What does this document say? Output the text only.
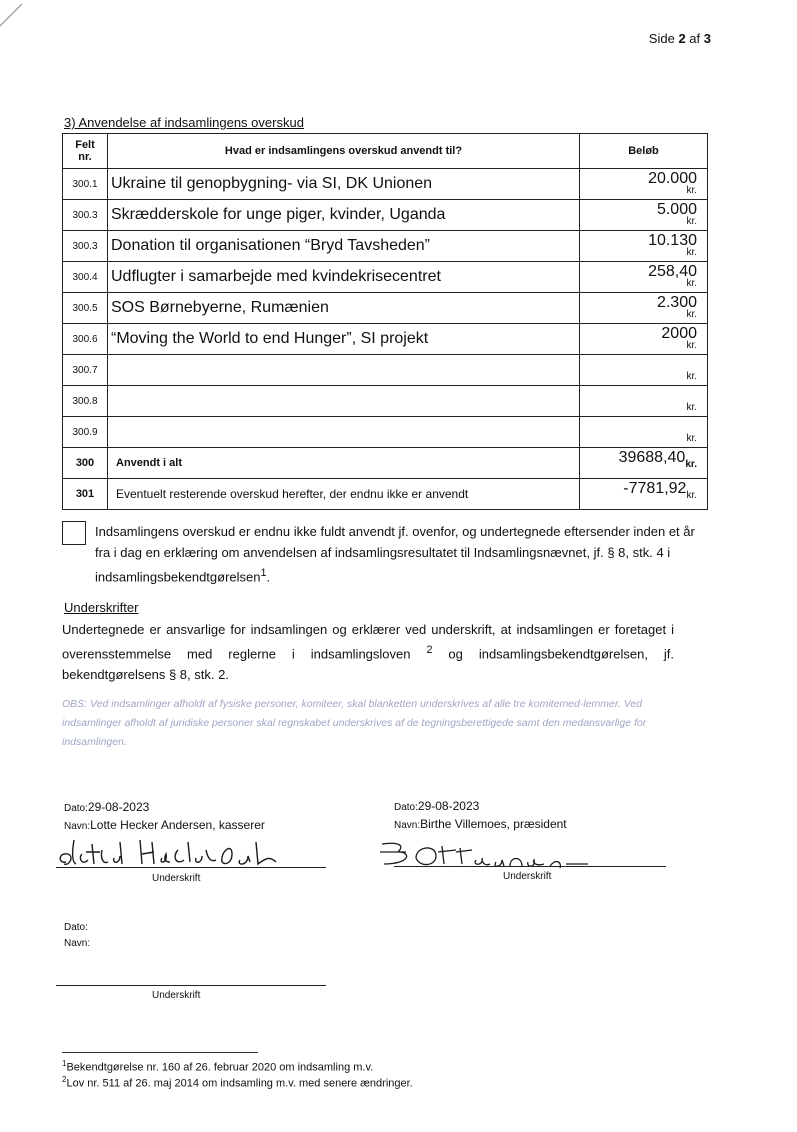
Side 2 af 3
3) Anvendelse af indsamlingens overskud
Felt
nr.	Hvad er indsamlingens overskud anvendt til?	Beløb
300.1	Ukraine til genopbygning- via SI, DK Unionen	20.000
kr.

300.3	Skrædderskole for unge piger, kvinder, Uganda	5.000
kr.

300.3	Donation til organisationen “Bryd Tavsheden”	10.130
kr.

300.4	Udflugter i samarbejde med kvindekrisecentret	258,40
kr.

300.5	SOS Børnebyerne, Rumænien	2.300
kr.

300.6	“Moving the World to end Hunger”, SI projekt	2000
kr.

300.7		kr.

300.8		kr.

300.9		kr.

300	Anvendt i alt	39688,40kr.
301	Eventuelt resterende overskud herefter, der endnu ikke er anvendt	-7781,92kr.
Indsamlingens overskud er endnu ikke fuldt anvendt jf. ovenfor, og undertegnede eftersender inden et år fra i dag en erklæring om anvendelsen af indsamlingsresultatet til Indsamlingsnævnet, jf. § 8, stk. 4 i indsamlingsbekendtgørelsen$^1$.
Underskrifter
Undertegnede er ansvarlige for indsamlingen og erklærer ved underskrift, at indsamlingen er foretaget i overensstemmelse med reglerne i indsamlingsloven $^2$ og indsamlingsbekendtgørelsen, jf. bekendtgørelsens § 8, stk. 2.
OBS: Ved indsamlinger afholdt af fysiske personer, komiteer, skal blanketten underskrives af alle tre komitemed-lemmer. Ved indsamlinger afholdt af juridiske personer skal regnskabet underskrives af de tegningsberettigede samt den medansvarlige for indsamlingen.
Dato:29-08-2023
Navn:Lotte Hecker Andersen, kasserer
Underskrift
Dato:29-08-2023
Navn:Birthe Villemoes, præsident
Underskrift
Dato:
Navn:
Underskrift
$^1$Bekendtgørelse nr. 160 af 26. februar 2020 om indsamling m.v.
$^2$Lov nr. 511 af 26. maj 2014 om indsamling m.v. med senere ændringer.
